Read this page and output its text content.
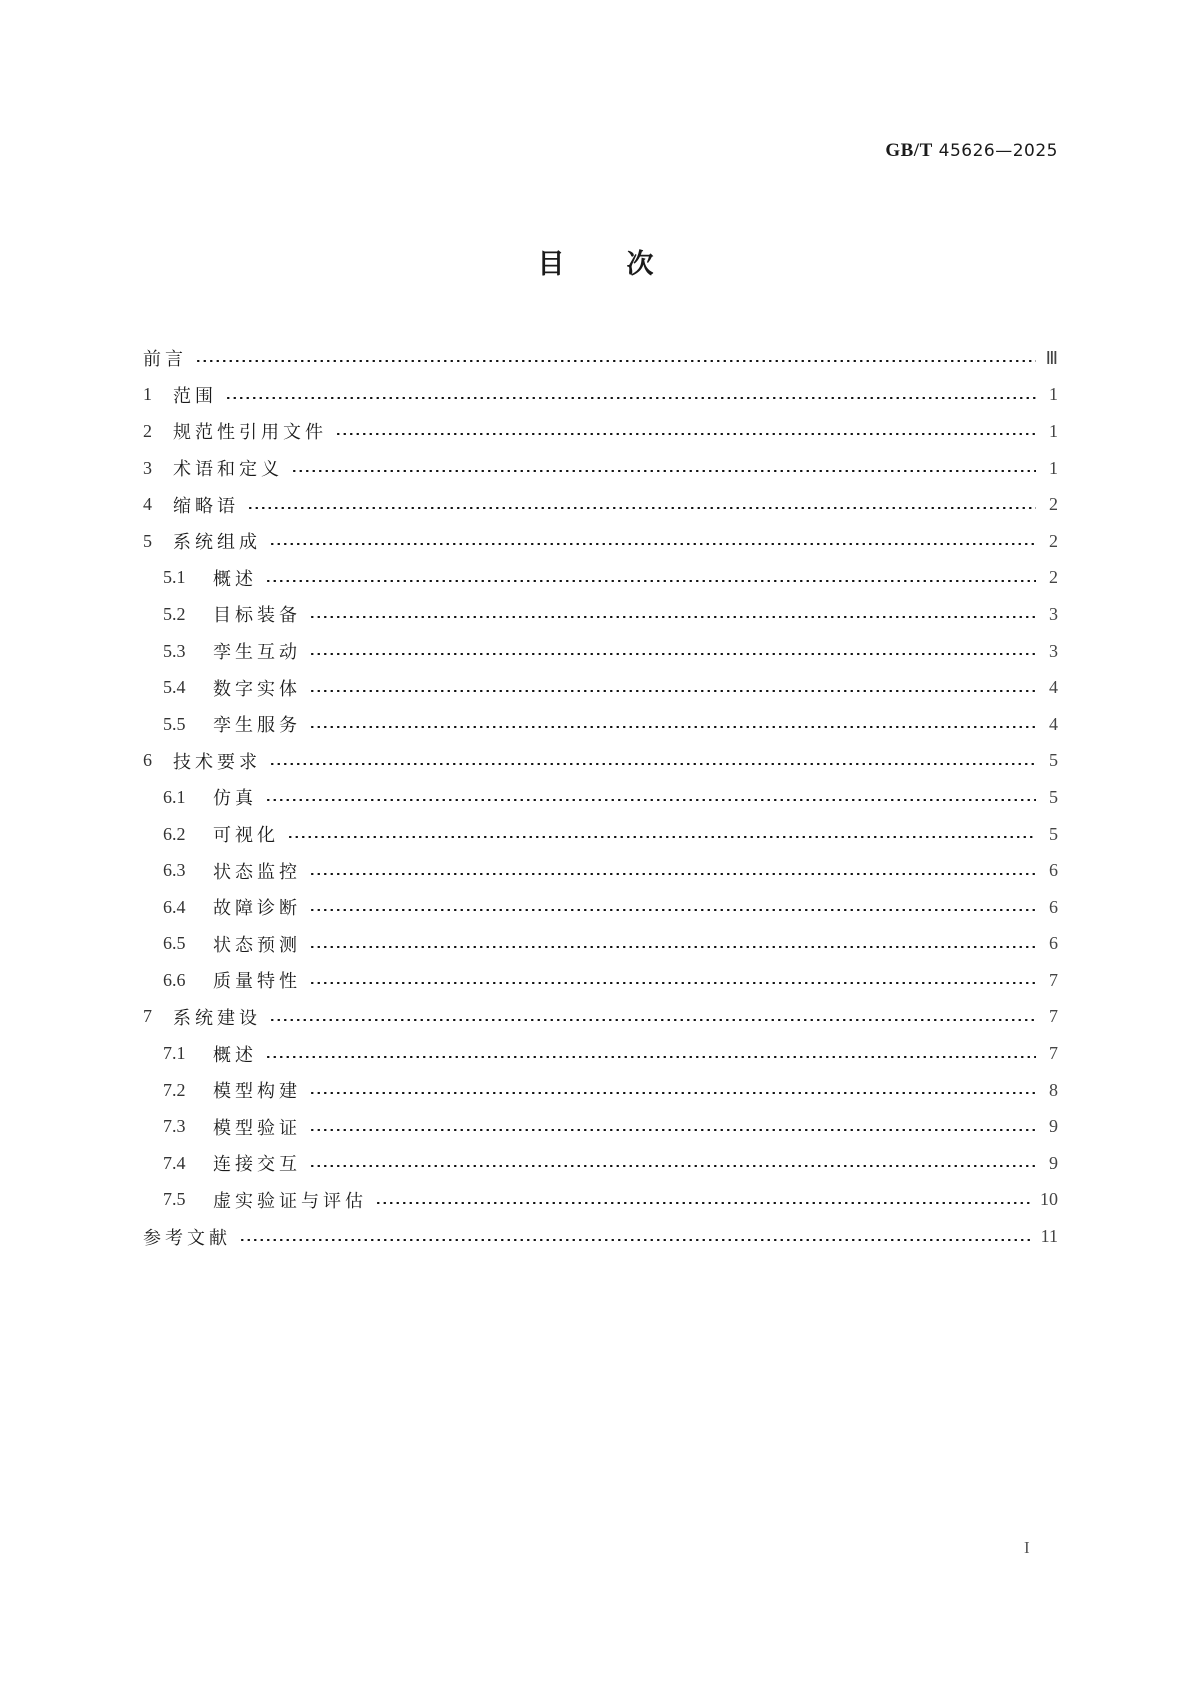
GB/T 45626—2025
目次
前言	Ⅲ
1	范围	1
2	规范性引用文件	1
3	术语和定义	1
4	缩略语	2
5	系统组成	2
5.1	概述	2
5.2	目标装备	3
5.3	孪生互动	3
5.4	数字实体	4
5.5	孪生服务	4
6	技术要求	5
6.1	仿真	5
6.2	可视化	5
6.3	状态监控	6
6.4	故障诊断	6
6.5	状态预测	6
6.6	质量特性	7
7	系统建设	7
7.1	概述	7
7.2	模型构建	8
7.3	模型验证	9
7.4	连接交互	9
7.5	虚实验证与评估	10
参考文献	11
I
